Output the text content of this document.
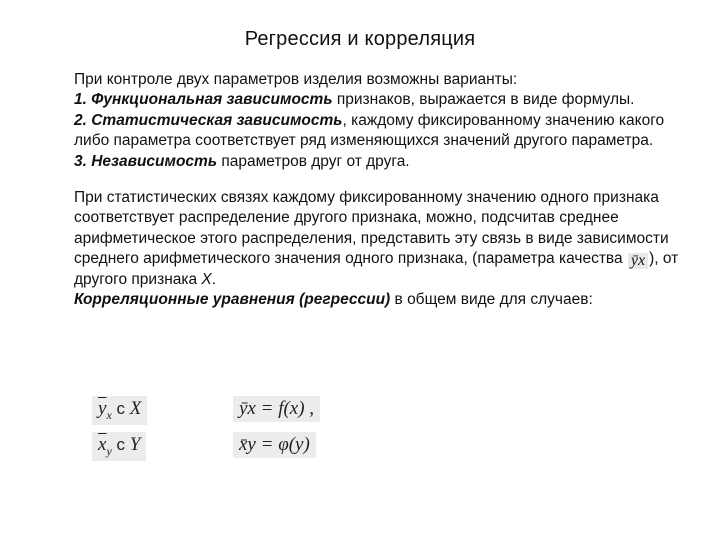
Регрессия и корреляция

При контроле двух параметров изделия возможны варианты:

1. Функциональная зависимость признаков, выражается в виде формулы.

2. Статистическая зависимость, каждому фиксированному значению какого либо параметра соответствует ряд изменяющихся значений другого параметра.

3. Независимость параметров друг от друга.

При статистических связях каждому фиксированному значению одного признака соответствует распределение другого признака, можно, подсчитав среднее арифметическое этого распределения, представить эту связь в виде зависимости среднего арифметического значения одного признака, (параметра качества ȳx ), от другого признака X.

Корреляционные уравнения (регрессии) в общем виде для случаев:

$\overline{y}_x$ с X	ȳx = f(x) ,
$\overline{x}_y$ с Y	x̄y = φ(y)
